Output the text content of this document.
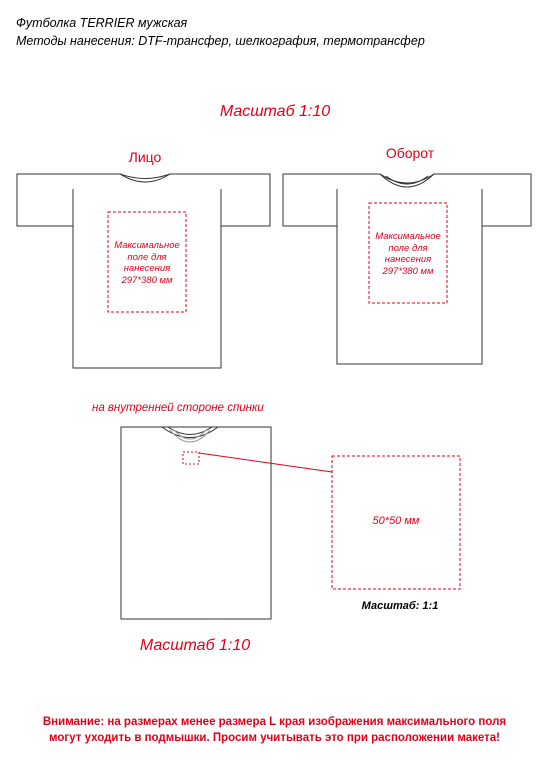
Футболка TERRIER мужская
Методы нанесения: DTF-трансфер, шелкография, термотрансфер
Масштаб 1:10
Лицо	Оборот
Максимальное поле для нанесения 297*380 мм
Максимальное поле для нанесения 297*380 мм
на внутренней стороне спинки
50*50 мм
Масштаб: 1:1
Масштаб 1:10
Внимание: на размерах менее размера L края изображения максимального поля
могут уходить в подмышки. Просим учитывать это при расположении макета!
